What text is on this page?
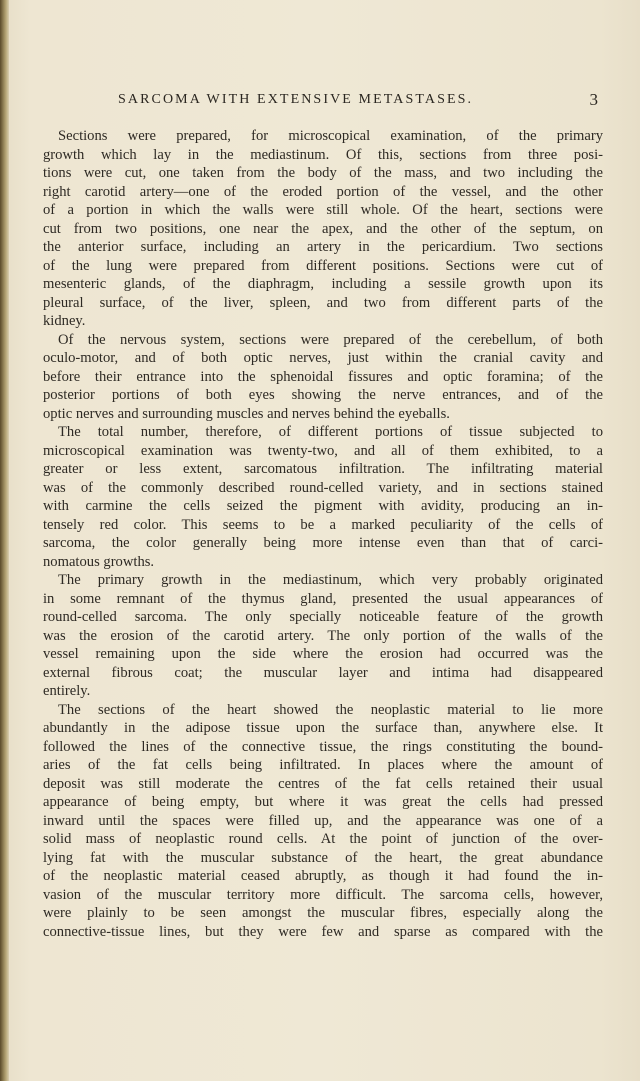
SARCOMA WITH EXTENSIVE METASTASES.	3
Sections were prepared, for microscopical examination, of the primary
growth which lay in the mediastinum. Of this, sections from three posi-
tions were cut, one taken from the body of the mass, and two including the
right carotid artery—one of the eroded portion of the vessel, and the other
of a portion in which the walls were still whole. Of the heart, sections were
cut from two positions, one near the apex, and the other of the septum, on
the anterior surface, including an artery in the pericardium. Two sections
of the lung were prepared from different positions. Sections were cut of
mesenteric glands, of the diaphragm, including a sessile growth upon its
pleural surface, of the liver, spleen, and two from different parts of the
kidney.
Of the nervous system, sections were prepared of the cerebellum, of both
oculo-motor, and of both optic nerves, just within the cranial cavity and
before their entrance into the sphenoidal fissures and optic foramina; of the
posterior portions of both eyes showing the nerve entrances, and of the
optic nerves and surrounding muscles and nerves behind the eyeballs.
The total number, therefore, of different portions of tissue subjected to
microscopical examination was twenty-two, and all of them exhibited, to a
greater or less extent, sarcomatous infiltration. The infiltrating material
was of the commonly described round-celled variety, and in sections stained
with carmine the cells seized the pigment with avidity, producing an in-
tensely red color. This seems to be a marked peculiarity of the cells of
sarcoma, the color generally being more intense even than that of carci-
nomatous growths.
The primary growth in the mediastinum, which very probably originated
in some remnant of the thymus gland, presented the usual appearances of
round-celled sarcoma. The only specially noticeable feature of the growth
was the erosion of the carotid artery. The only portion of the walls of the
vessel remaining upon the side where the erosion had occurred was the
external fibrous coat; the muscular layer and intima had disappeared
entirely.
The sections of the heart showed the neoplastic material to lie more
abundantly in the adipose tissue upon the surface than, anywhere else. It
followed the lines of the connective tissue, the rings constituting the bound-
aries of the fat cells being infiltrated. In places where the amount of
deposit was still moderate the centres of the fat cells retained their usual
appearance of being empty, but where it was great the cells had pressed
inward until the spaces were filled up, and the appearance was one of a
solid mass of neoplastic round cells. At the point of junction of the over-
lying fat with the muscular substance of the heart, the great abundance
of the neoplastic material ceased abruptly, as though it had found the in-
vasion of the muscular territory more difficult. The sarcoma cells, however,
were plainly to be seen amongst the muscular fibres, especially along the
connective-tissue lines, but they were few and sparse as compared with the
